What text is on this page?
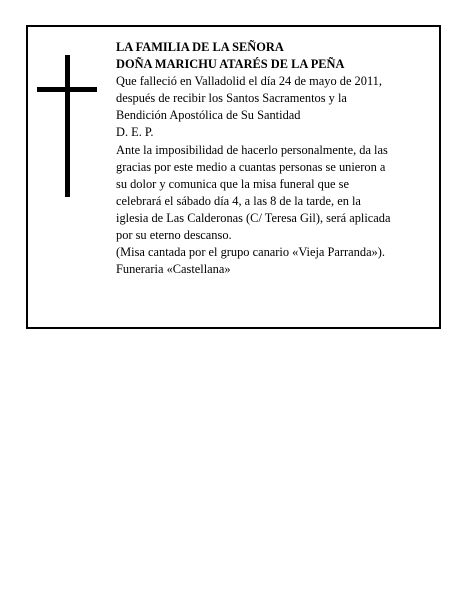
LA FAMILIA DE LA SEÑORA

DOÑA MARICHU ATARÉS DE LA PEÑA

Que falleció en Valladolid el día 24 de mayo de 2011,

después de recibir los Santos Sacramentos y la

Bendición Apostólica de Su Santidad

D. E. P.

Ante la imposibilidad de hacerlo personalmente, da las

gracias por este medio a cuantas personas se unieron a

su dolor y comunica que la misa funeral que se

celebrará el sábado día 4, a las 8 de la tarde, en la

iglesia de Las Calderonas (C/ Teresa Gil), será aplicada

por su eterno descanso.

(Misa cantada por el grupo canario «Vieja Parranda»).

Funeraria «Castellana»
